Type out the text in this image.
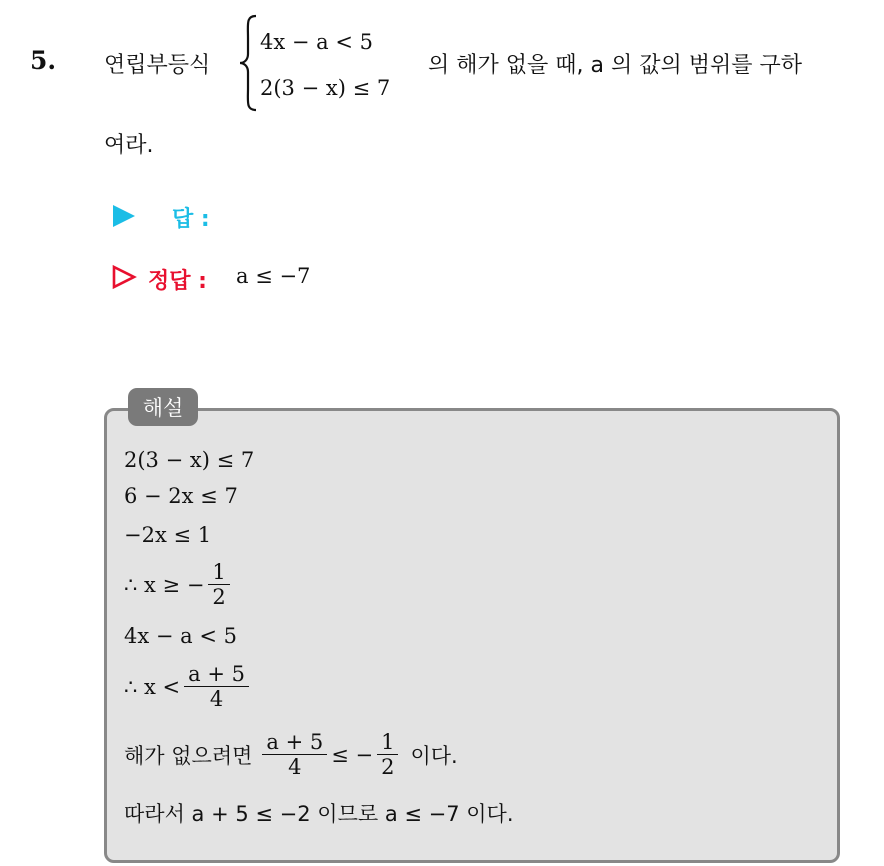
5. 연립부등식
4x − a < 5
2(3 − x) ≤ 7
의 해가 없을 때, a 의 값의 범위를 구하
여라.
답 :
정답 : a ≤ −7
해설
2(3 − x) ≤ 7
6 − 2x ≤ 7
−2x ≤ 1
∴ x ≥ − $\frac{1}{2}$
4x − a < 5
∴ $x < \frac{a + 5}{4}$
해가 없으려면 $\frac{a + 5}{4}$ ≤ − $\frac{1}{2}$ 이다.
따라서 a + 5 ≤ −2 이므로 a ≤ −7 이다.
